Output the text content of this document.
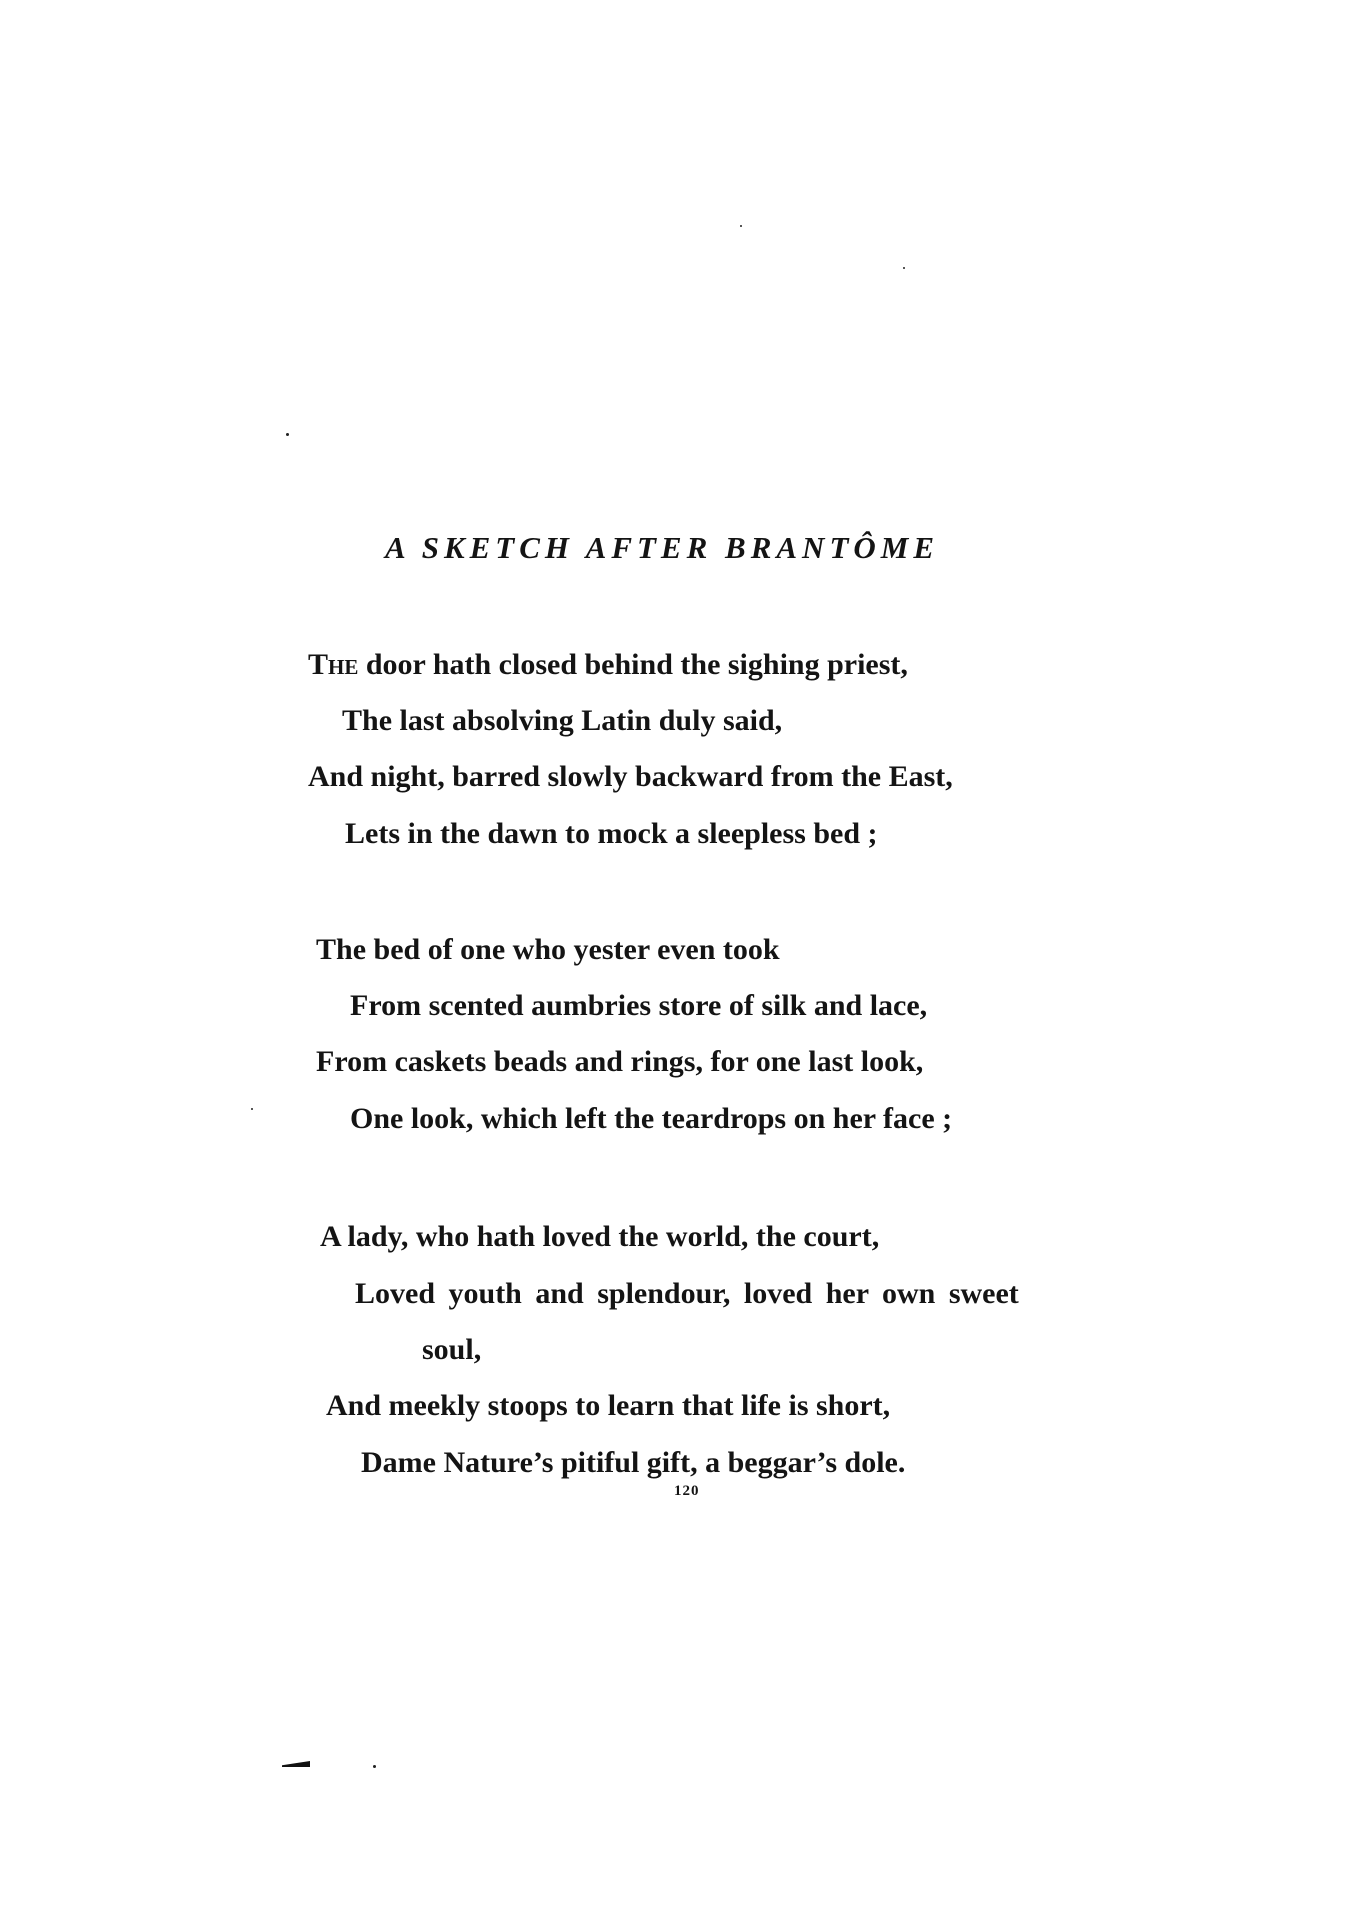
A SKETCH AFTER BRANTÔME
The door hath closed behind the sighing priest,
The last absolving Latin duly said,
And night, barred slowly backward from the East,
Lets in the dawn to mock a sleepless bed ;
The bed of one who yester even took
From scented aumbries store of silk and lace,
From caskets beads and rings, for one last look,
One look, which left the teardrops on her face ;
A lady, who hath loved the world, the court,
Loved youth and splendour, loved her own sweet
soul,
And meekly stoops to learn that life is short,
Dame Nature’s pitiful gift, a beggar’s dole.
120
